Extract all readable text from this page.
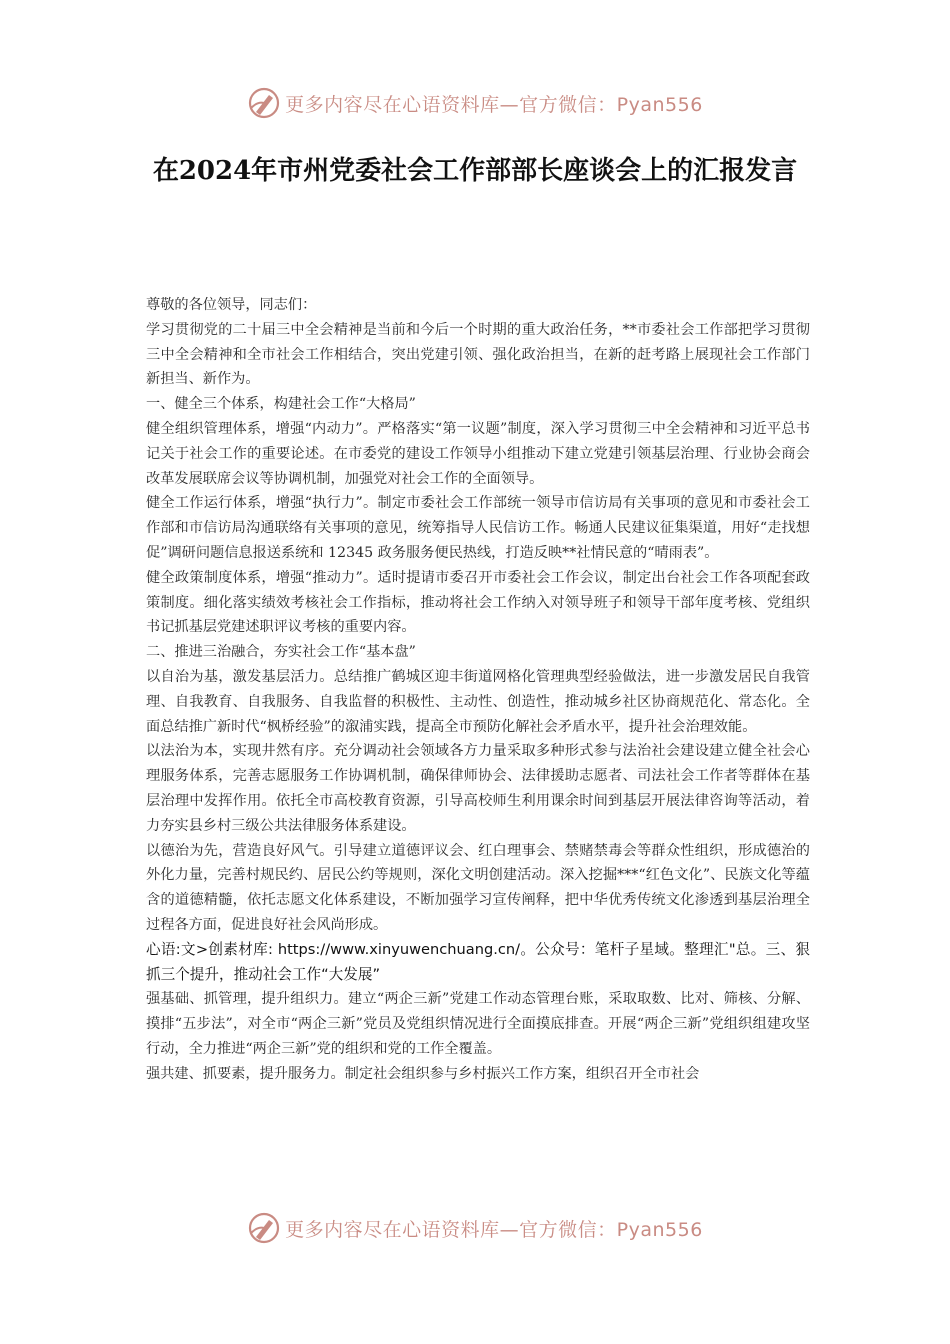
更多内容尽在心语资料库—官方微信：Pyan556
在2024年市州党委社会工作部部长座谈会上的汇报发言

尊敬的各位领导，同志们：

学习贯彻党的二十届三中全会精神是当前和今后一个时期的重大政治任务，**市委社会工作部把学习贯彻三中全会精神和全市社会工作相结合，突出党建引领、强化政治担当，在新的赶考路上展现社会工作部门新担当、新作为。

一、健全三个体系，构建社会工作“大格局”

健全组织管理体系，增强“内动力”。严格落实“第一议题”制度，深入学习贯彻三中全会精神和习近平总书记关于社会工作的重要论述。在市委党的建设工作领导小组推动下建立党建引领基层治理、行业协会商会改革发展联席会议等协调机制，加强党对社会工作的全面领导。

健全工作运行体系，增强“执行力”。制定市委社会工作部统一领导市信访局有关事项的意见和市委社会工作部和市信访局沟通联络有关事项的意见，统筹指导人民信访工作。畅通人民建议征集渠道，用好“走找想促”调研问题信息报送系统和 12345 政务服务便民热线，打造反映**社情民意的“晴雨表”。

健全政策制度体系，增强“推动力”。适时提请市委召开市委社会工作会议，制定出台社会工作各项配套政策制度。细化落实绩效考核社会工作指标，推动将社会工作纳入对领导班子和领导干部年度考核、党组织书记抓基层党建述职评议考核的重要内容。

二、推进三治融合，夯实社会工作“基本盘”

以自治为基，激发基层活力。总结推广鹤城区迎丰街道网格化管理典型经验做法，进一步激发居民自我管理、自我教育、自我服务、自我监督的积极性、主动性、创造性，推动城乡社区协商规范化、常态化。全面总结推广新时代“枫桥经验”的溆浦实践，提高全市预防化解社会矛盾水平，提升社会治理效能。

以法治为本，实现井然有序。充分调动社会领域各方力量采取多种形式参与法治社会建设建立健全社会心理服务体系，完善志愿服务工作协调机制，确保律师协会、法律援助志愿者、司法社会工作者等群体在基层治理中发挥作用。依托全市高校教育资源，引导高校师生利用课余时间到基层开展法律咨询等活动，着力夯实县乡村三级公共法律服务体系建设。

以德治为先，营造良好风气。引导建立道德评议会、红白理事会、禁赌禁毒会等群众性组织，形成德治的外化力量，完善村规民约、居民公约等规则，深化文明创建活动。深入挖掘***“红色文化”、民族文化等蕴含的道德精髓，依托志愿文化体系建设，不断加强学习宣传阐释，把中华优秀传统文化渗透到基层治理全过程各方面，促进良好社会风尚形成。

心语:文>创素材库: https://www.xinyuwenchuang.cn/。公众号：笔杆子星域。整理汇"总。三、狠抓三个提升，推动社会工作“大发展”

强基础、抓管理，提升组织力。建立“两企三新”党建工作动态管理台账，采取取数、比对、筛核、分解、摸排“五步法”，对全市“两企三新”党员及党组织情况进行全面摸底排查。开展“两企三新”党组织组建攻坚行动，全力推进“两企三新”党的组织和党的工作全覆盖。

强共建、抓要素，提升服务力。制定社会组织参与乡村振兴工作方案，组织召开全市社会

更多内容尽在心语资料库—官方微信：Pyan556
